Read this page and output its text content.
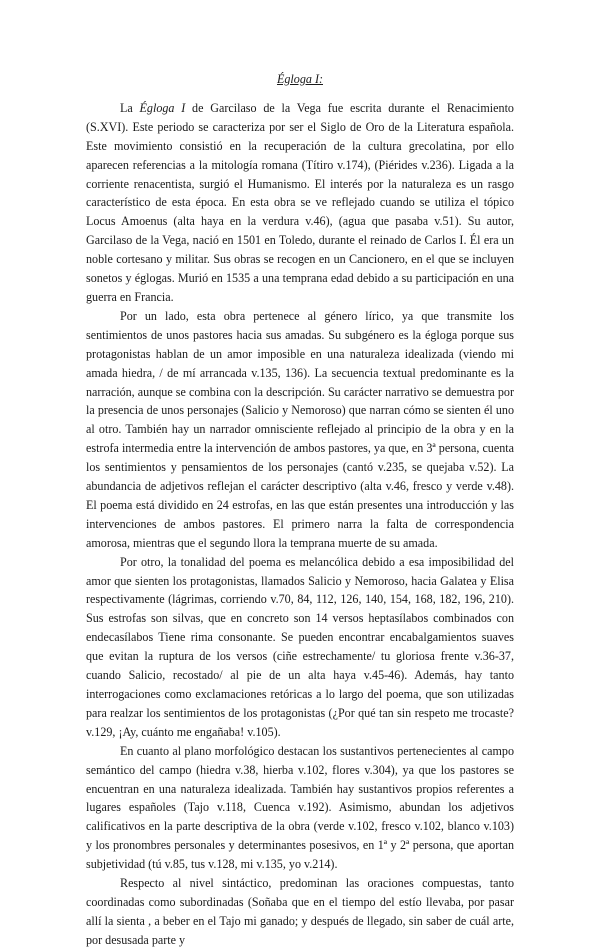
Égloga I:

La Égloga I de Garcilaso de la Vega fue escrita durante el Renacimiento (S.XVI). Este periodo se caracteriza por ser el Siglo de Oro de la Literatura española. Este movimiento consistió en la recuperación de la cultura grecolatina, por ello aparecen referencias a la mitología romana (Títiro v.174), (Piérides v.236). Ligada a la corriente renacentista, surgió el Humanismo. El interés por la naturaleza es un rasgo característico de esta época. En esta obra se ve reflejado cuando se utiliza el tópico Locus Amoenus (alta haya en la verdura v.46), (agua que pasaba v.51). Su autor, Garcilaso de la Vega, nació en 1501 en Toledo, durante el reinado de Carlos I. Él era un noble cortesano y militar. Sus obras se recogen en un Cancionero, en el que se incluyen sonetos y églogas. Murió en 1535 a una temprana edad debido a su participación en una guerra en Francia.

Por un lado, esta obra pertenece al género lírico, ya que transmite los sentimientos de unos pastores hacia sus amadas. Su subgénero es la égloga porque sus protagonistas hablan de un amor imposible en una naturaleza idealizada (viendo mi amada hiedra, / de mí arrancada v.135, 136). La secuencia textual predominante es la narración, aunque se combina con la descripción. Su carácter narrativo se demuestra por la presencia de unos personajes (Salicio y Nemoroso) que narran cómo se sienten él uno al otro. También hay un narrador omnisciente reflejado al principio de la obra y en la estrofa intermedia entre la intervención de ambos pastores, ya que, en 3ª persona, cuenta los sentimientos y pensamientos de los personajes (cantó v.235, se quejaba v.52). La abundancia de adjetivos reflejan el carácter descriptivo (alta v.46, fresco y verde v.48). El poema está dividido en 24 estrofas, en las que están presentes una introducción y las intervenciones de ambos pastores. El primero narra la falta de correspondencia amorosa, mientras que el segundo llora la temprana muerte de su amada.

Por otro, la tonalidad del poema es melancólica debido a esa imposibilidad del amor que sienten los protagonistas, llamados Salicio y Nemoroso, hacia Galatea y Elisa respectivamente (lágrimas, corriendo v.70, 84, 112, 126, 140, 154, 168, 182, 196, 210). Sus estrofas son silvas, que en concreto son 14 versos heptasílabos combinados con endecasílabos Tiene rima consonante. Se pueden encontrar encabalgamientos suaves que evitan la ruptura de los versos (ciñe estrechamente/ tu gloriosa frente v.36-37, cuando Salicio, recostado/ al pie de un alta haya v.45-46). Además, hay tanto interrogaciones como exclamaciones retóricas a lo largo del poema, que son utilizadas para realzar los sentimientos de los protagonistas (¿Por qué tan sin respeto me trocaste? v.129, ¡Ay, cuánto me engañaba! v.105).

En cuanto al plano morfológico destacan los sustantivos pertenecientes al campo semántico del campo (hiedra v.38, hierba v.102, flores v.304), ya que los pastores se encuentran en una naturaleza idealizada. También hay sustantivos propios referentes a lugares españoles (Tajo v.118, Cuenca v.192). Asimismo, abundan los adjetivos calificativos en la parte descriptiva de la obra (verde v.102, fresco v.102, blanco v.103) y los pronombres personales y determinantes posesivos, en 1ª y 2ª persona, que aportan subjetividad (tú v.85, tus v.128, mi v.135, yo v.214).

Respecto al nivel sintáctico, predominan las oraciones compuestas, tanto coordinadas como subordinadas (Soñaba que en el tiempo del estío llevaba, por pasar allí la sienta , a beber en el Tajo mi ganado; y después de llegado, sin saber de cuál arte, por desusada parte y
